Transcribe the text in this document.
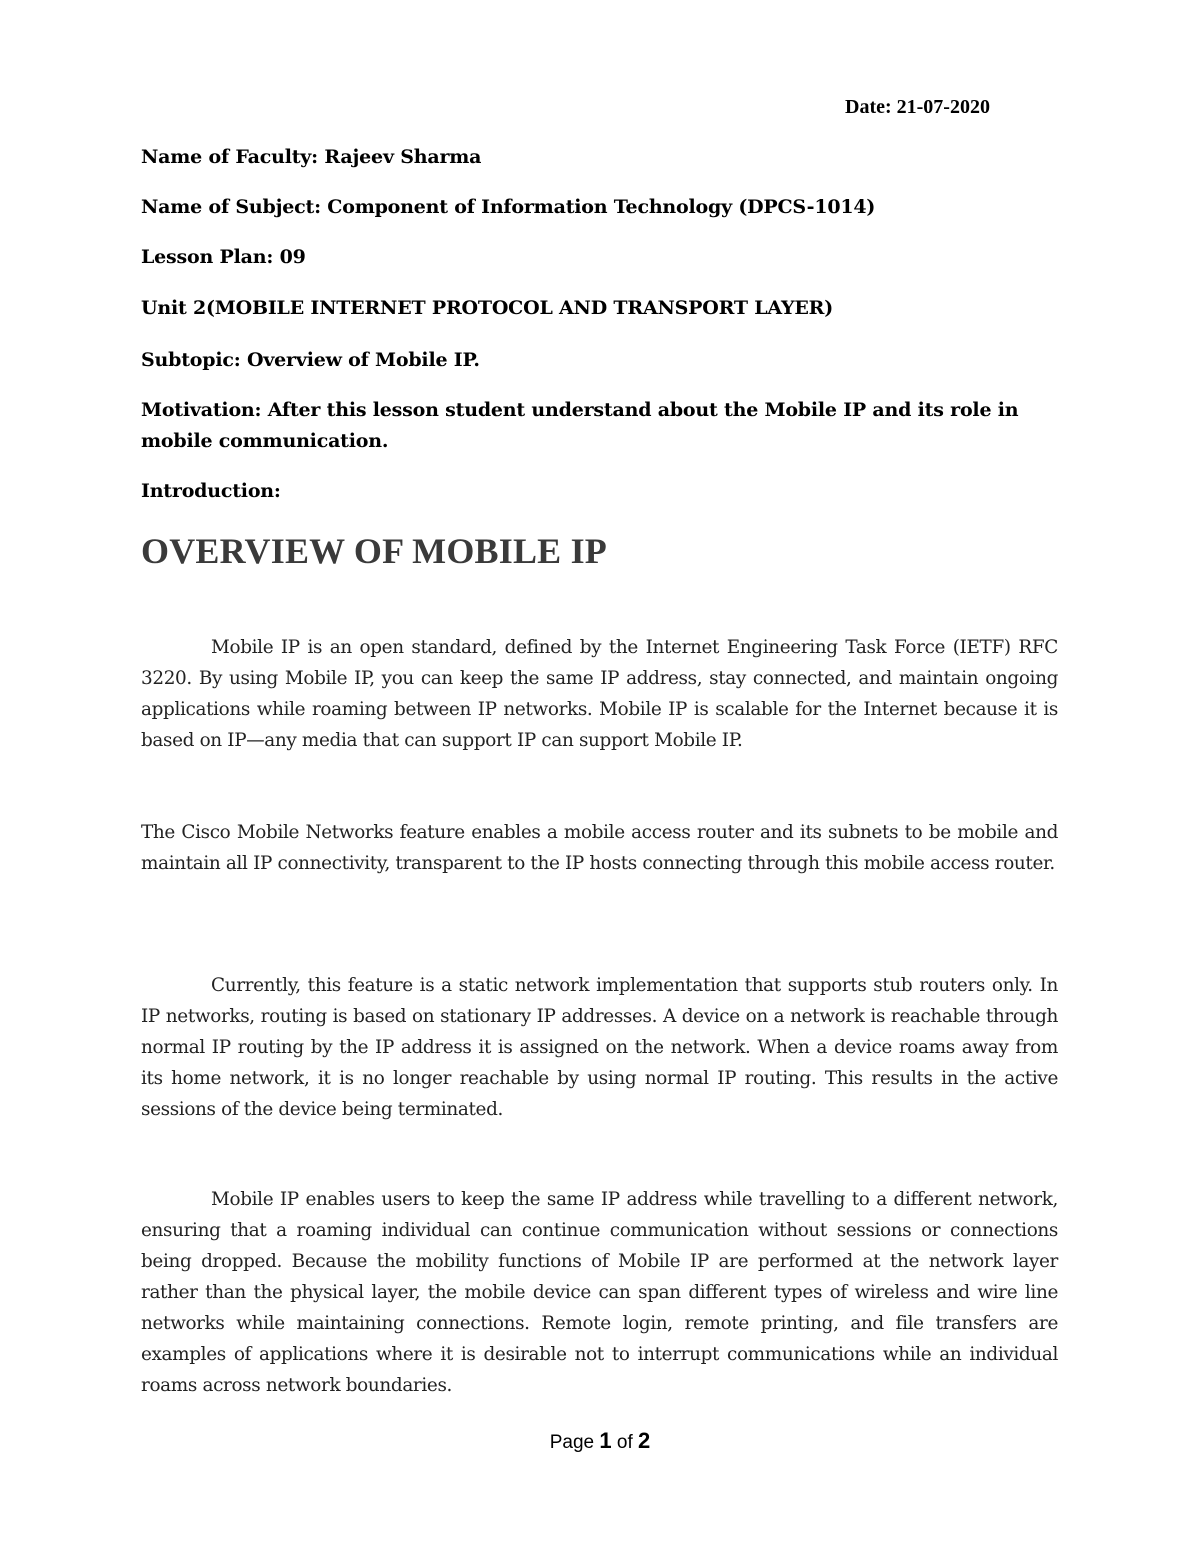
Date: 21-07-2020
Name of Faculty: Rajeev Sharma
Name of Subject: Component of Information Technology (DPCS-1014)
Lesson Plan: 09
Unit 2(MOBILE INTERNET PROTOCOL AND TRANSPORT LAYER)
Subtopic: Overview of Mobile IP.
Motivation: After this lesson student understand about the Mobile IP and its role in mobile communication.
Introduction:
OVERVIEW OF MOBILE IP

Mobile IP is an open standard, defined by the Internet Engineering Task Force (IETF) RFC 3220. By using Mobile IP, you can keep the same IP address, stay connected, and maintain ongoing applications while roaming between IP networks. Mobile IP is scalable for the Internet because it is based on IP—any media that can support IP can support Mobile IP.

The Cisco Mobile Networks feature enables a mobile access router and its subnets to be mobile and maintain all IP connectivity, transparent to the IP hosts connecting through this mobile access router.

Currently, this feature is a static network implementation that supports stub routers only. In IP networks, routing is based on stationary IP addresses. A device on a network is reachable through normal IP routing by the IP address it is assigned on the network. When a device roams away from its home network, it is no longer reachable by using normal IP routing. This results in the active sessions of the device being terminated.

Mobile IP enables users to keep the same IP address while travelling to a different network, ensuring that a roaming individual can continue communication without sessions or connections being dropped. Because the mobility functions of Mobile IP are performed at the network layer rather than the physical layer, the mobile device can span different types of wireless and wire line networks while maintaining connections. Remote login, remote printing, and file transfers are examples of applications where it is desirable not to interrupt communications while an individual roams across network boundaries.

Page 1 of 2
